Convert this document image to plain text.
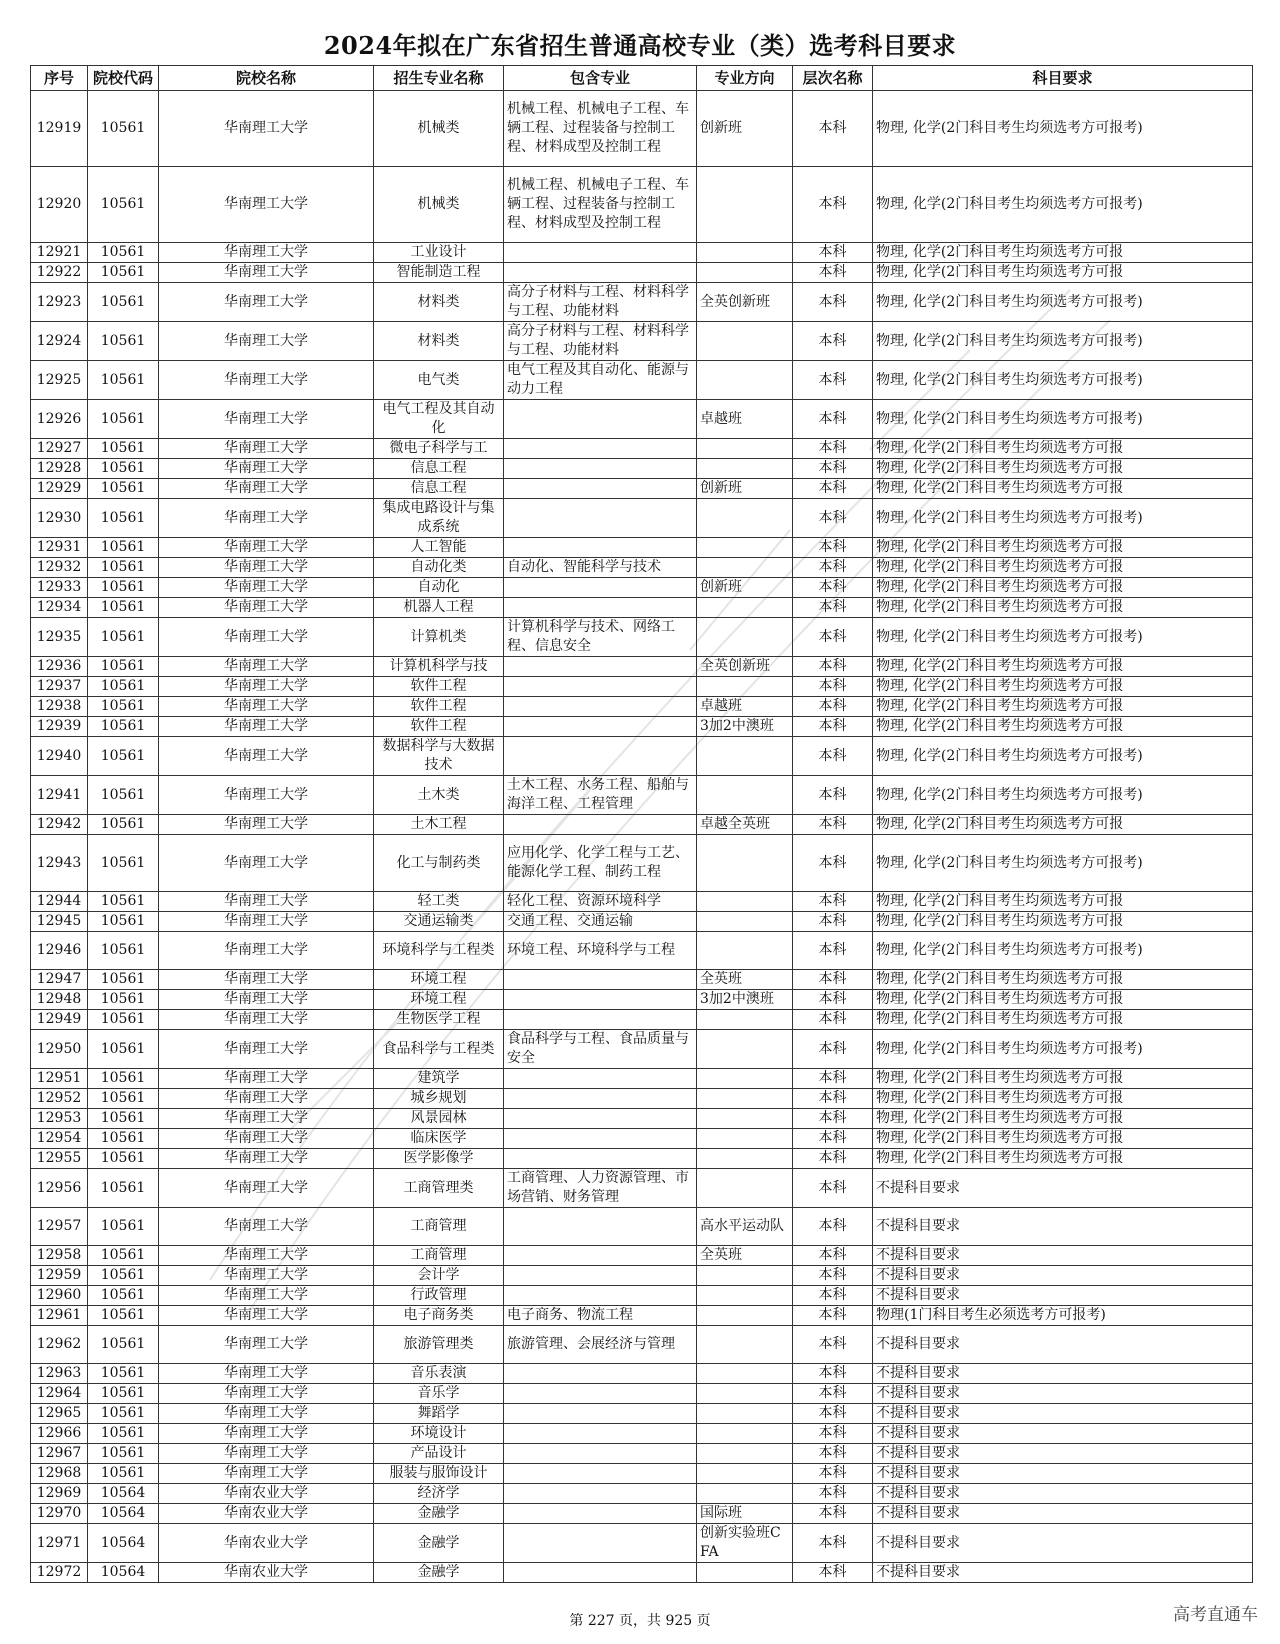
2024年拟在广东省招生普通高校专业（类）选考科目要求
序号	院校代码	院校名称	招生专业名称	包含专业	专业方向	层次名称	科目要求
12919	10561	华南理工大学	机械类	机械工程、机械电子工程、车辆工程、过程装备与控制工程、材料成型及控制工程	创新班	本科	物理, 化学(2门科目考生均须选考方可报考)
12920	10561	华南理工大学	机械类	机械工程、机械电子工程、车辆工程、过程装备与控制工程、材料成型及控制工程		本科	物理, 化学(2门科目考生均须选考方可报考)
12921	10561	华南理工大学	工业设计			本科	物理, 化学(2门科目考生均须选考方可报
12922	10561	华南理工大学	智能制造工程			本科	物理, 化学(2门科目考生均须选考方可报
12923	10561	华南理工大学	材料类	高分子材料与工程、材料科学与工程、功能材料	全英创新班	本科	物理, 化学(2门科目考生均须选考方可报考)
12924	10561	华南理工大学	材料类	高分子材料与工程、材料科学与工程、功能材料		本科	物理, 化学(2门科目考生均须选考方可报考)
12925	10561	华南理工大学	电气类	电气工程及其自动化、能源与动力工程		本科	物理, 化学(2门科目考生均须选考方可报考)
12926	10561	华南理工大学	电气工程及其自动化		卓越班	本科	物理, 化学(2门科目考生均须选考方可报考)
12927	10561	华南理工大学	微电子科学与工			本科	物理, 化学(2门科目考生均须选考方可报
12928	10561	华南理工大学	信息工程			本科	物理, 化学(2门科目考生均须选考方可报
12929	10561	华南理工大学	信息工程		创新班	本科	物理, 化学(2门科目考生均须选考方可报
12930	10561	华南理工大学	集成电路设计与集成系统			本科	物理, 化学(2门科目考生均须选考方可报考)
12931	10561	华南理工大学	人工智能			本科	物理, 化学(2门科目考生均须选考方可报
12932	10561	华南理工大学	自动化类	自动化、智能科学与技术		本科	物理, 化学(2门科目考生均须选考方可报
12933	10561	华南理工大学	自动化		创新班	本科	物理, 化学(2门科目考生均须选考方可报
12934	10561	华南理工大学	机器人工程			本科	物理, 化学(2门科目考生均须选考方可报
12935	10561	华南理工大学	计算机类	计算机科学与技术、网络工程、信息安全		本科	物理, 化学(2门科目考生均须选考方可报考)
12936	10561	华南理工大学	计算机科学与技		全英创新班	本科	物理, 化学(2门科目考生均须选考方可报
12937	10561	华南理工大学	软件工程			本科	物理, 化学(2门科目考生均须选考方可报
12938	10561	华南理工大学	软件工程		卓越班	本科	物理, 化学(2门科目考生均须选考方可报
12939	10561	华南理工大学	软件工程		3加2中澳班	本科	物理, 化学(2门科目考生均须选考方可报
12940	10561	华南理工大学	数据科学与大数据技术			本科	物理, 化学(2门科目考生均须选考方可报考)
12941	10561	华南理工大学	土木类	土木工程、水务工程、船舶与海洋工程、工程管理		本科	物理, 化学(2门科目考生均须选考方可报考)
12942	10561	华南理工大学	土木工程		卓越全英班	本科	物理, 化学(2门科目考生均须选考方可报
12943	10561	华南理工大学	化工与制药类	应用化学、化学工程与工艺、能源化学工程、制药工程		本科	物理, 化学(2门科目考生均须选考方可报考)
12944	10561	华南理工大学	轻工类	轻化工程、资源环境科学		本科	物理, 化学(2门科目考生均须选考方可报
12945	10561	华南理工大学	交通运输类	交通工程、交通运输		本科	物理, 化学(2门科目考生均须选考方可报
12946	10561	华南理工大学	环境科学与工程类	环境工程、环境科学与工程		本科	物理, 化学(2门科目考生均须选考方可报考)
12947	10561	华南理工大学	环境工程		全英班	本科	物理, 化学(2门科目考生均须选考方可报
12948	10561	华南理工大学	环境工程		3加2中澳班	本科	物理, 化学(2门科目考生均须选考方可报
12949	10561	华南理工大学	生物医学工程			本科	物理, 化学(2门科目考生均须选考方可报
12950	10561	华南理工大学	食品科学与工程类	食品科学与工程、食品质量与安全		本科	物理, 化学(2门科目考生均须选考方可报考)
12951	10561	华南理工大学	建筑学			本科	物理, 化学(2门科目考生均须选考方可报
12952	10561	华南理工大学	城乡规划			本科	物理, 化学(2门科目考生均须选考方可报
12953	10561	华南理工大学	风景园林			本科	物理, 化学(2门科目考生均须选考方可报
12954	10561	华南理工大学	临床医学			本科	物理, 化学(2门科目考生均须选考方可报
12955	10561	华南理工大学	医学影像学			本科	物理, 化学(2门科目考生均须选考方可报
12956	10561	华南理工大学	工商管理类	工商管理、人力资源管理、市场营销、财务管理		本科	不提科目要求
12957	10561	华南理工大学	工商管理		高水平运动队	本科	不提科目要求
12958	10561	华南理工大学	工商管理		全英班	本科	不提科目要求
12959	10561	华南理工大学	会计学			本科	不提科目要求
12960	10561	华南理工大学	行政管理			本科	不提科目要求
12961	10561	华南理工大学	电子商务类	电子商务、物流工程		本科	物理(1门科目考生必须选考方可报考)
12962	10561	华南理工大学	旅游管理类	旅游管理、会展经济与管理		本科	不提科目要求
12963	10561	华南理工大学	音乐表演			本科	不提科目要求
12964	10561	华南理工大学	音乐学			本科	不提科目要求
12965	10561	华南理工大学	舞蹈学			本科	不提科目要求
12966	10561	华南理工大学	环境设计			本科	不提科目要求
12967	10561	华南理工大学	产品设计			本科	不提科目要求
12968	10561	华南理工大学	服装与服饰设计			本科	不提科目要求
12969	10564	华南农业大学	经济学			本科	不提科目要求
12970	10564	华南农业大学	金融学		国际班	本科	不提科目要求
12971	10564	华南农业大学	金融学		创新实验班CFA	本科	不提科目要求
12972	10564	华南农业大学	金融学			本科	不提科目要求
第 227 页，共 925 页	高考直通车
